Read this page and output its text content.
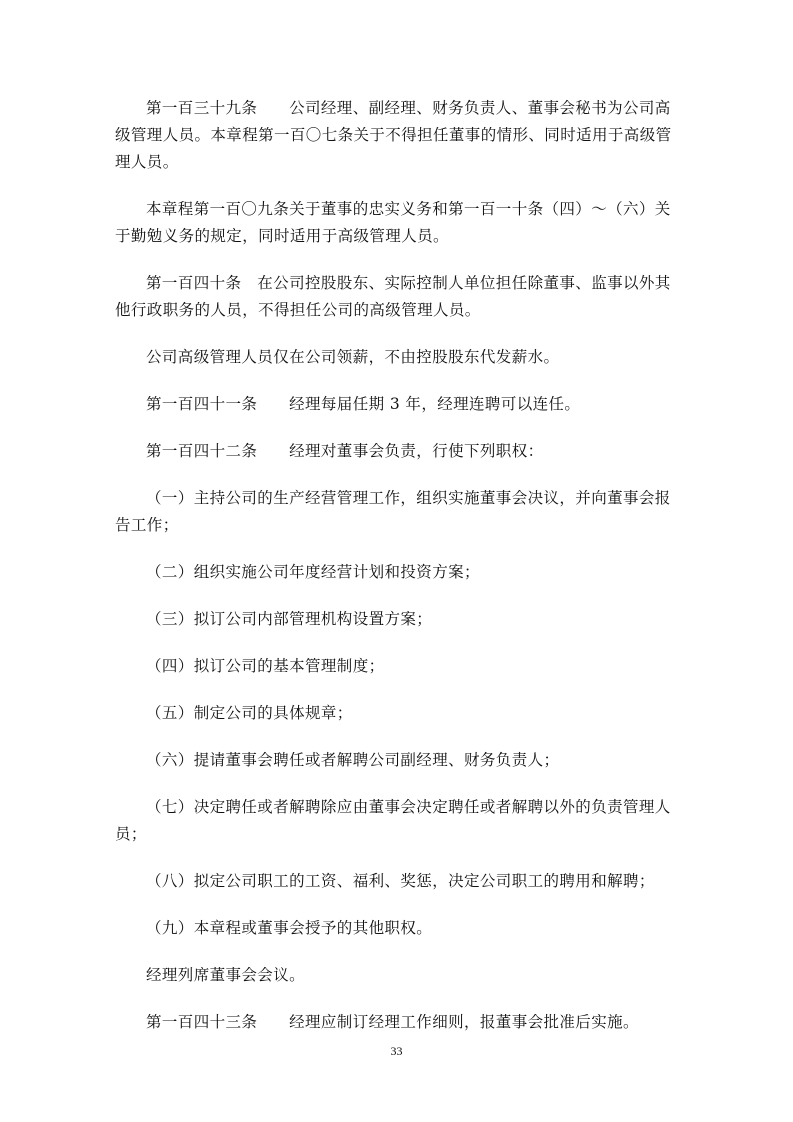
第一百三十九条　　公司经理、副经理、财务负责人、董事会秘书为公司高级管理人员。本章程第一百〇七条关于不得担任董事的情形、同时适用于高级管理人员。

本章程第一百〇九条关于董事的忠实义务和第一百一十条（四）～（六）关于勤勉义务的规定，同时适用于高级管理人员。

第一百四十条　在公司控股股东、实际控制人单位担任除董事、监事以外其他行政职务的人员，不得担任公司的高级管理人员。

公司高级管理人员仅在公司领薪，不由控股股东代发薪水。

第一百四十一条　　经理每届任期 3 年，经理连聘可以连任。

第一百四十二条　　经理对董事会负责，行使下列职权：

（一）主持公司的生产经营管理工作，组织实施董事会决议，并向董事会报告工作；

（二）组织实施公司年度经营计划和投资方案；

（三）拟订公司内部管理机构设置方案；

（四）拟订公司的基本管理制度；

（五）制定公司的具体规章；

（六）提请董事会聘任或者解聘公司副经理、财务负责人；

（七）决定聘任或者解聘除应由董事会决定聘任或者解聘以外的负责管理人员；

（八）拟定公司职工的工资、福利、奖惩，决定公司职工的聘用和解聘；

（九）本章程或董事会授予的其他职权。

经理列席董事会会议。

第一百四十三条　　经理应制订经理工作细则，报董事会批准后实施。

33
